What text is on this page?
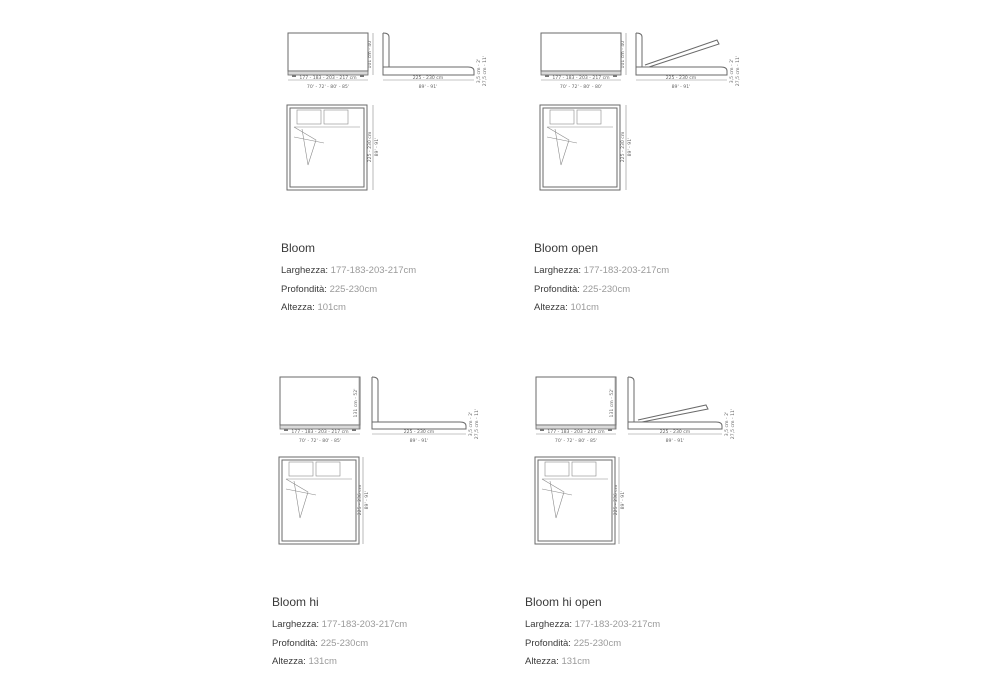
177 - 183 - 203 - 217 cm
70' - 72' - 80' - 85'
101 cm - 40'
225 - 230 cm
89' - 91'
3,5 cm - 2' 27,5 cm - 11'
225 - 230 cm 89' - 91'
177 - 183 - 203 - 217 cm
70' - 72' - 80' - 80'
101 cm - 40'
225 - 230 cm
89' - 91'
3,5 cm - 2' 27,5 cm - 11'
225 - 230 cm 89' - 91'
177 - 183 - 203 - 217 cm
70' - 72' - 80' - 85'
131 cm - 52'
225 - 230 cm
89' - 91'
3,5 cm - 2' 27,5 cm - 11'
225 - 236 cm 89' - 91'
177 - 183 - 203 - 217 cm
70' - 72' - 80' - 85'
131 cm - 52'
225 - 230 cm
89' - 91'
3,5 cm - 2' 27,5 cm - 11'
225 - 236 cm 89' - 91'
Bloom
Larghezza: 177-183-203-217cm
Profondità: 225-230cm
Altezza: 101cm
Bloom open
Larghezza: 177-183-203-217cm
Profondità: 225-230cm
Altezza: 101cm
Bloom hi
Larghezza: 177-183-203-217cm
Profondità: 225-230cm
Altezza: 131cm
Bloom hi open
Larghezza: 177-183-203-217cm
Profondità: 225-230cm
Altezza: 131cm
